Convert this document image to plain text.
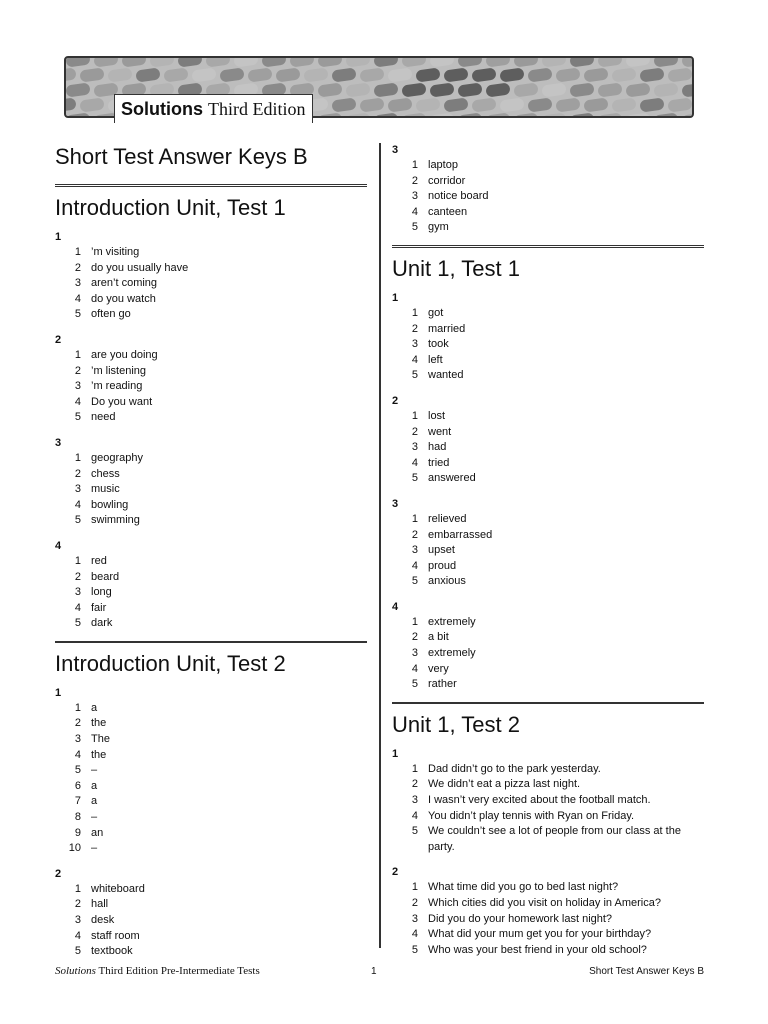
Solutions Third Edition
Short Test Answer Keys B
Introduction Unit, Test 1
1
1 ’m visiting
2 do you usually have
3 aren’t coming
4 do you watch
5 often go
2
1 are you doing
2 ’m listening
3 ’m reading
4 Do you want
5 need
3
1 geography
2 chess
3 music
4 bowling
5 swimming
4
1 red
2 beard
3 long
4 fair
5 dark
Introduction Unit, Test 2
1
1 a
2 the
3 The
4 the
5 –
6 a
7 a
8 –
9 an
10 –
2
1 whiteboard
2 hall
3 desk
4 staff room
5 textbook
3
1 laptop
2 corridor
3 notice board
4 canteen
5 gym
Unit 1, Test 1
1
1 got
2 married
3 took
4 left
5 wanted
2
1 lost
2 went
3 had
4 tried
5 answered
3
1 relieved
2 embarrassed
3 upset
4 proud
5 anxious
4
1 extremely
2 a bit
3 extremely
4 very
5 rather
Unit 1, Test 2
1
1 Dad didn’t go to the park yesterday.
2 We didn’t eat a pizza last night.
3 I wasn’t very excited about the football match.
4 You didn’t play tennis with Ryan on Friday.
5 We couldn’t see a lot of people from our class at the party.
2
1 What time did you go to bed last night?
2 Which cities did you visit on holiday in America?
3 Did you do your homework last night?
4 What did your mum get you for your birthday?
5 Who was your best friend in your old school?
Solutions Third Edition Pre-Intermediate Tests	1	Short Test Answer Keys B
